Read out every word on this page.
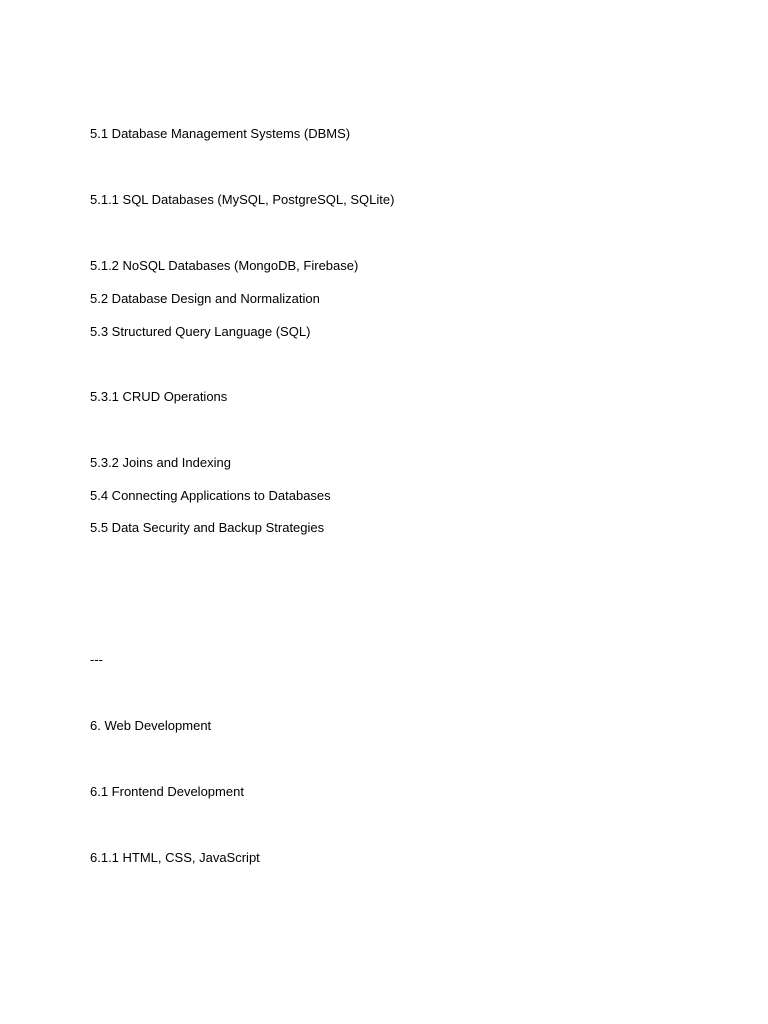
5.1 Database Management Systems (DBMS)
5.1.1 SQL Databases (MySQL, PostgreSQL, SQLite)
5.1.2 NoSQL Databases (MongoDB, Firebase)
5.2 Database Design and Normalization
5.3 Structured Query Language (SQL)
5.3.1 CRUD Operations
5.3.2 Joins and Indexing
5.4 Connecting Applications to Databases
5.5 Data Security and Backup Strategies
---
6. Web Development
6.1 Frontend Development
6.1.1 HTML, CSS, JavaScript
